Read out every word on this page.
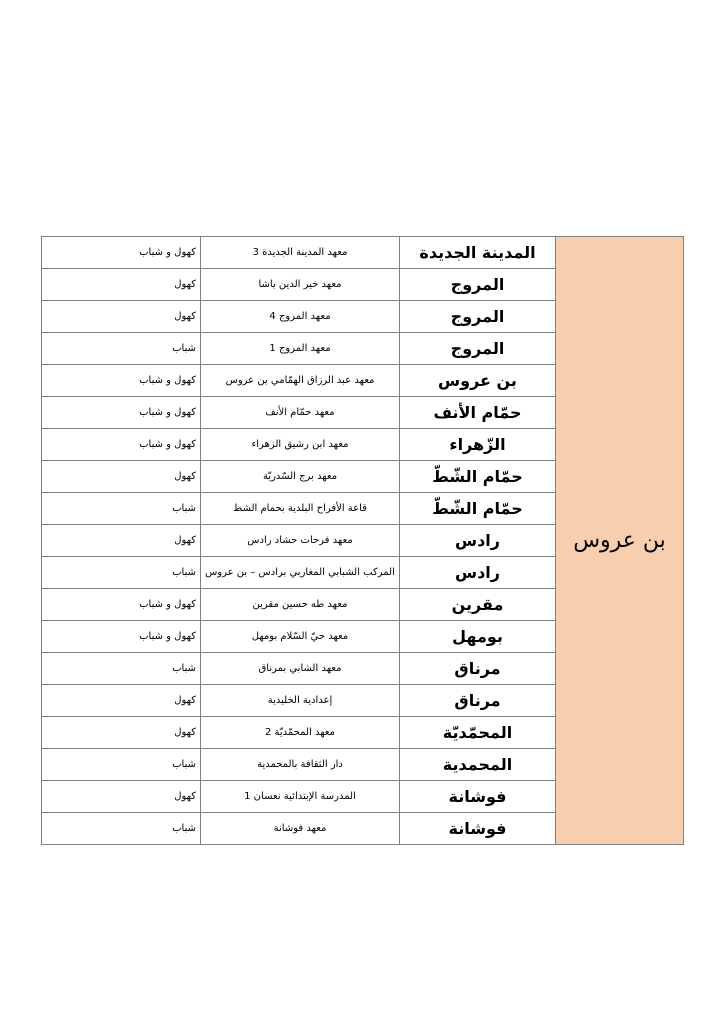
بن عروس	المدينة الجديدة	معهد المدينة الجديدة 3	كهول و شباب
	المروج	معهد خير الدين باشا	كهول
	المروج	معهد المروج 4	كهول
	المروج	معهد المروج 1	شباب
	بن عروس	معهد عبد الرزاق الهمّامي بن عروس	كهول و شباب
	حمّام الأنف	معهد حمّام الأنف	كهول و شباب
	الزّهراء	معهد ابن رشيق الزهراء	كهول و شباب
	حمّام الشّطّ	معهد برج السّدريّة	كهول
	حمّام الشّطّ	قاعة الأفراح البلدية بحمام الشط	شباب
	رادس	معهد فرحات حشاد رادس	كهول
	رادس	المركب الشبابي المغاربي برادس – بن عروس	شباب
	مقرين	معهد طه حسين مقرين	كهول و شباب
	بومهل	معهد حيّ السّلام بومهل	كهول و شباب
	مرناق	معهد الشابي بمرناق	شباب
	مرناق	إعدادية الخليدية	كهول
	المحمّديّة	معهد المحمّديّة 2	كهول
	المحمدية	دار الثقافة بالمحمدية	شباب
	فوشانة	المدرسة الإبتدائية نعسان 1	كهول
	فوشانة	معهد فوشانة	شباب
